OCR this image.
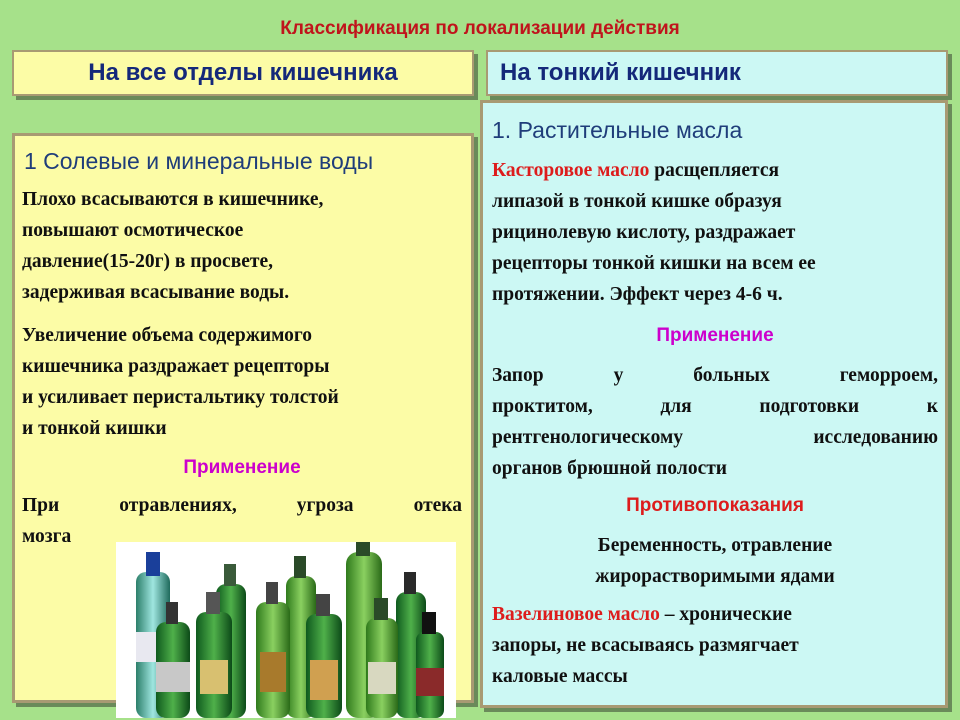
Классификация по локализации действия
На все отделы кишечника	На тонкий кишечник
1 Солевые и минеральные воды
Плохо всасываются в кишечнике,
повышают осмотическое
давление(15-20г) в просвете,
задерживая всасывание воды.
Увеличение объема содержимого
кишечника раздражает рецепторы
и усиливает перистальтику толстой
и тонкой кишки
Применение
При отравлениях, угроза отека
мозга
1. Растительные масла
Касторовое масло расщепляется
липазой в тонкой кишке образуя
рицинолевую кислоту, раздражает
рецепторы тонкой кишки на всем ее
протяжении. Эффект через 4-6 ч.
Применение
Запор у больных геморроем,
проктитом, для подготовки к
рентгенологическому исследованию
органов брюшной полости
Противопоказания
Беременность, отравление
жирорастворимыми ядами
Вазелиновое масло – хронические
запоры, не всасываясь размягчает
каловые массы
